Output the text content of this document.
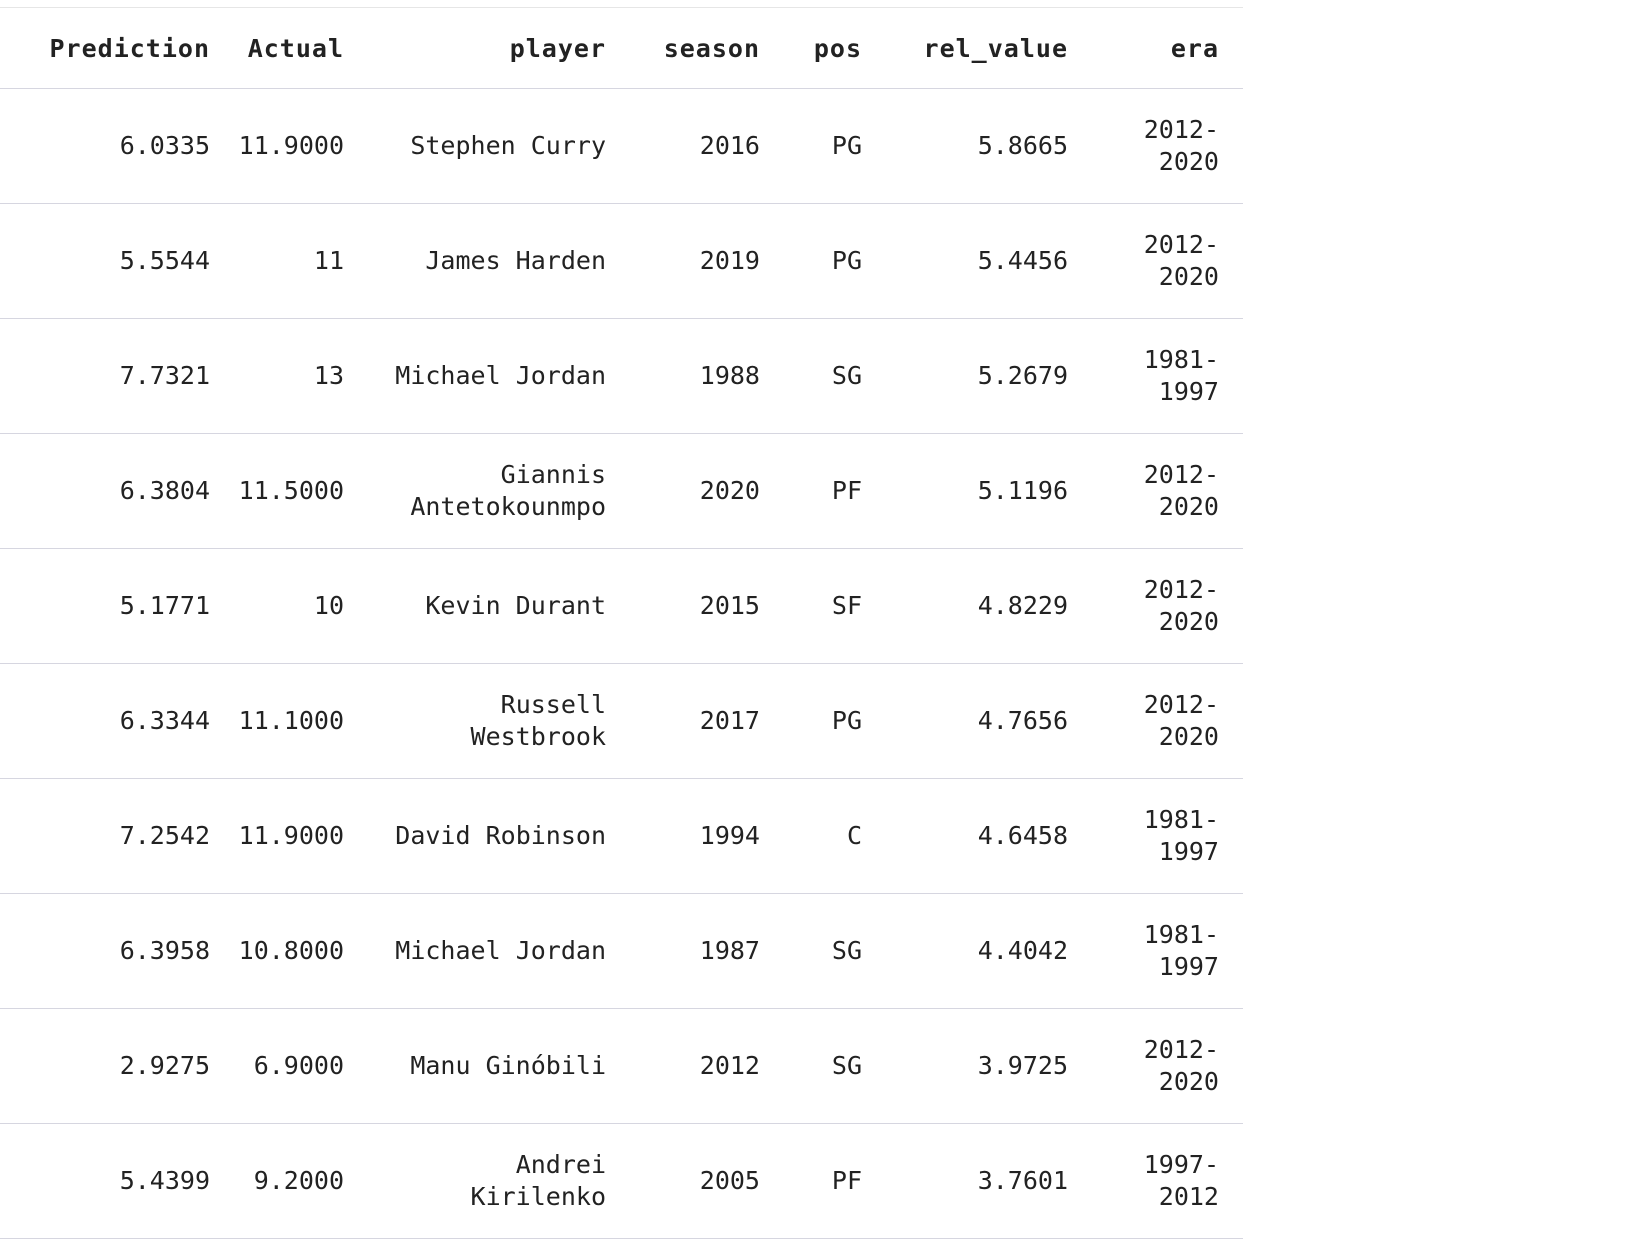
Prediction	Actual	player	season	pos	rel_value	era
6.0335	11.9000	Stephen Curry	2016	PG	5.8665	2012-2020
5.5544	11	James Harden	2019	PG	5.4456	2012-2020
7.7321	13	Michael Jordan	1988	SG	5.2679	1981-1997
6.3804	11.5000	Giannis Antetokounmpo	2020	PF	5.1196	2012-2020
5.1771	10	Kevin Durant	2015	SF	4.8229	2012-2020
6.3344	11.1000	Russell Westbrook	2017	PG	4.7656	2012-2020
7.2542	11.9000	David Robinson	1994	C	4.6458	1981-1997
6.3958	10.8000	Michael Jordan	1987	SG	4.4042	1981-1997
2.9275	6.9000	Manu Ginóbili	2012	SG	3.9725	2012-2020
5.4399	9.2000	Andrei Kirilenko	2005	PF	3.7601	1997-2012
